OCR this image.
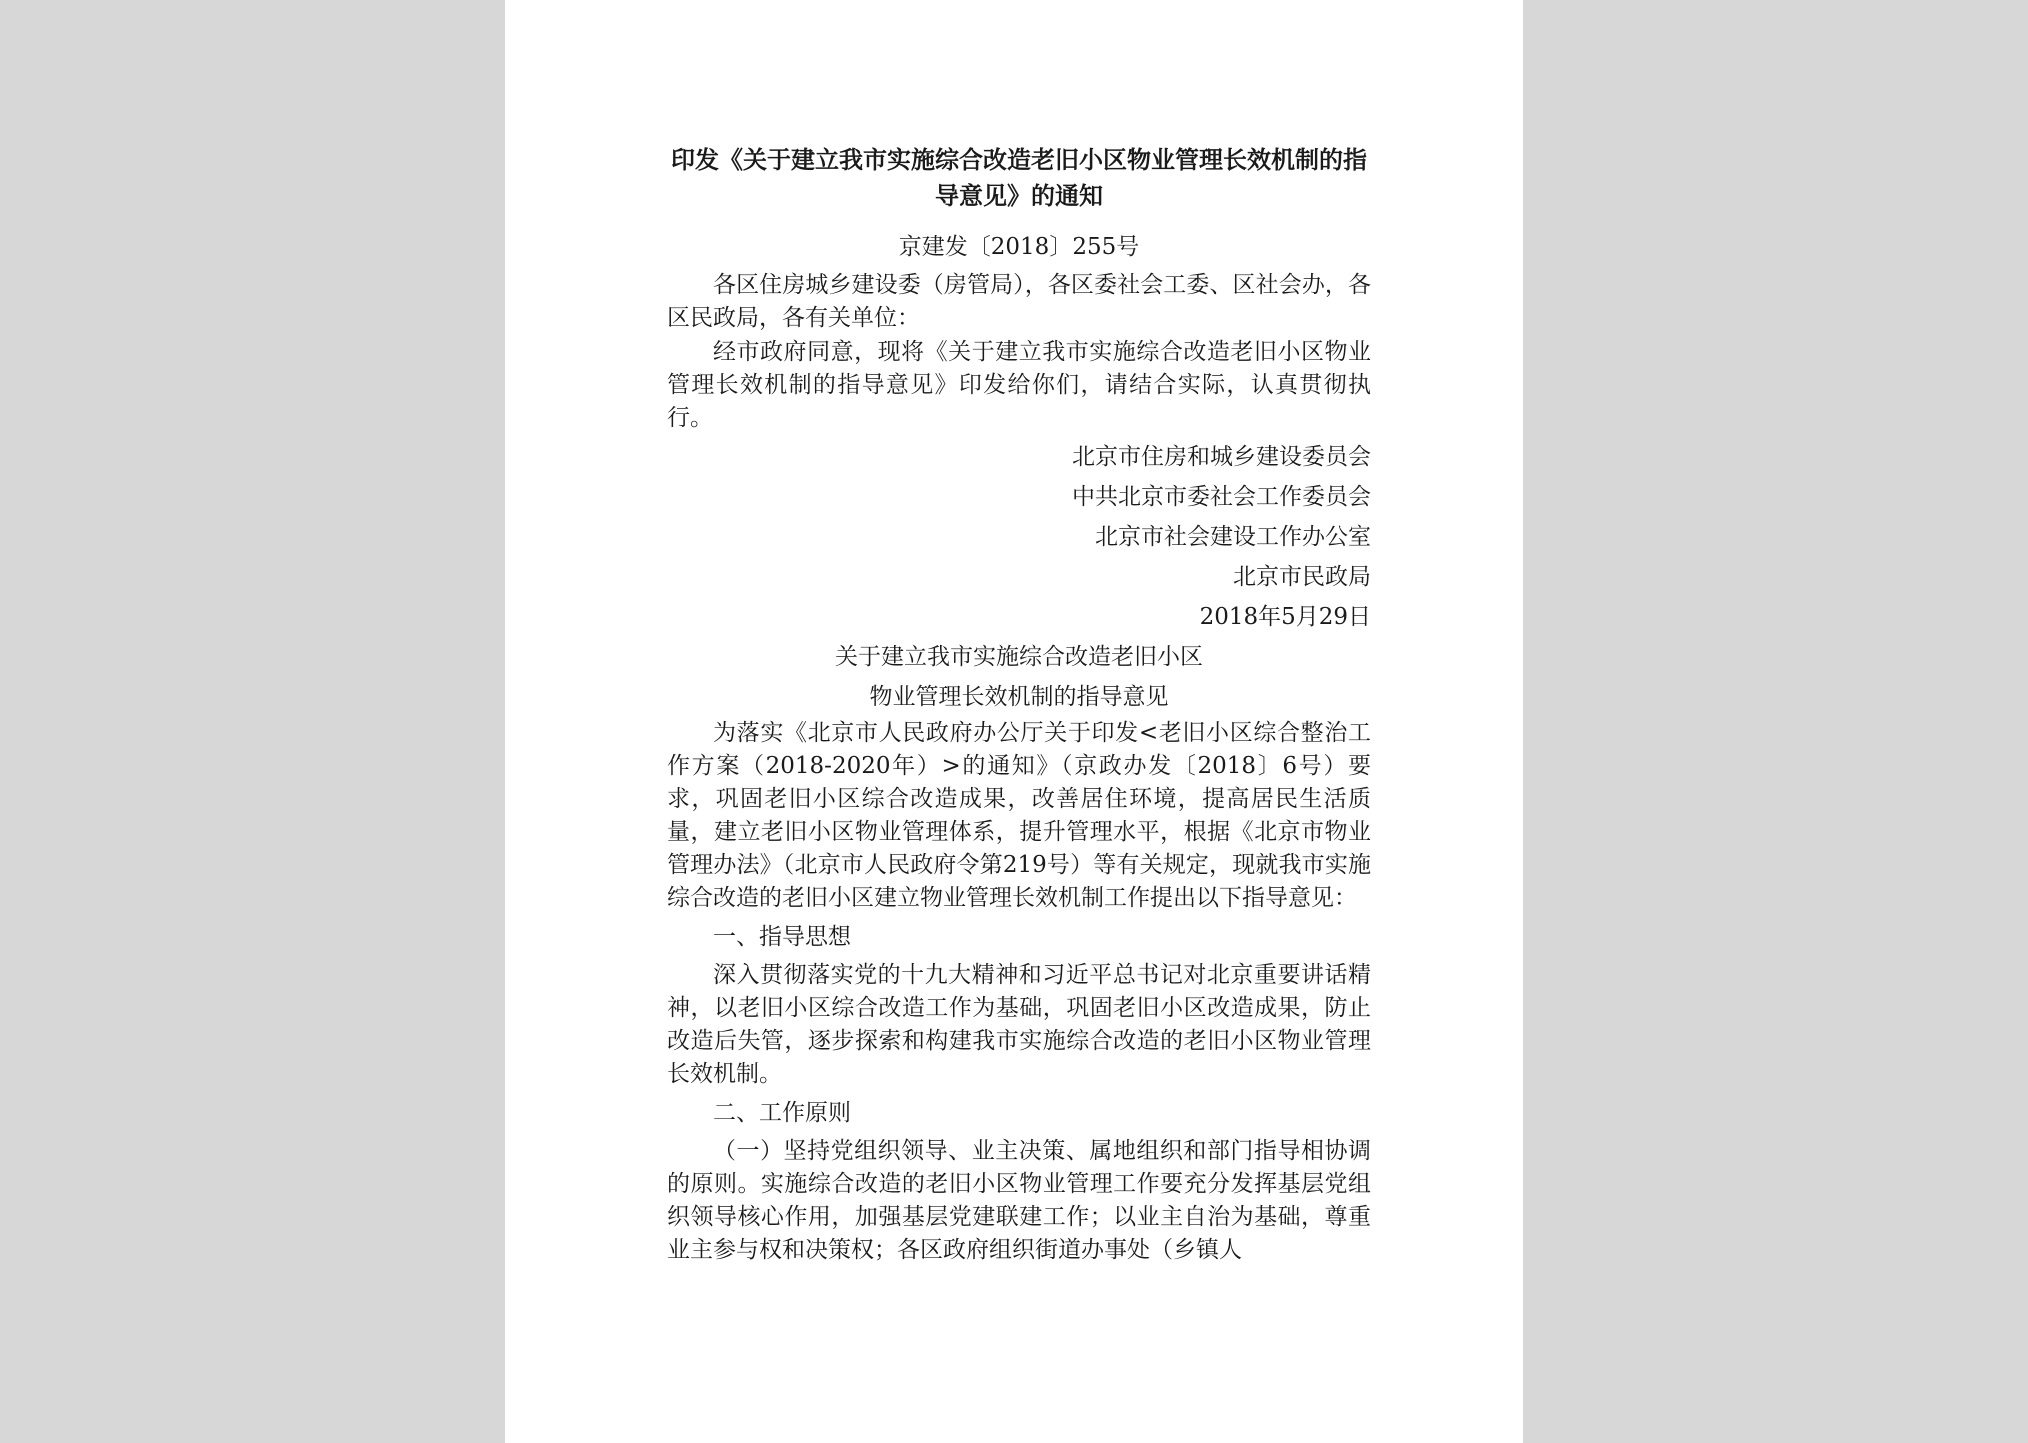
印发《关于建立我市实施综合改造老旧小区物业管理长效机制的指导意见》的通知

京建发〔2018〕255号

各区住房城乡建设委（房管局），各区委社会工委、区社会办，各区民政局，各有关单位：

经市政府同意，现将《关于建立我市实施综合改造老旧小区物业管理长效机制的指导意见》印发给你们，请结合实际，认真贯彻执行。

北京市住房和城乡建设委员会

中共北京市委社会工作委员会

北京市社会建设工作办公室

北京市民政局

2018年5月29日

关于建立我市实施综合改造老旧小区

物业管理长效机制的指导意见

为落实《北京市人民政府办公厅关于印发<老旧小区综合整治工作方案（2018-2020年）>的通知》（京政办发〔2018〕6号）要求，巩固老旧小区综合改造成果，改善居住环境，提高居民生活质量，建立老旧小区物业管理体系，提升管理水平，根据《北京市物业管理办法》（北京市人民政府令第219号）等有关规定，现就我市实施综合改造的老旧小区建立物业管理长效机制工作提出以下指导意见：

一、指导思想

深入贯彻落实党的十九大精神和习近平总书记对北京重要讲话精神，以老旧小区综合改造工作为基础，巩固老旧小区改造成果，防止改造后失管，逐步探索和构建我市实施综合改造的老旧小区物业管理长效机制。

二、工作原则

（一）坚持党组织领导、业主决策、属地组织和部门指导相协调的原则。实施综合改造的老旧小区物业管理工作要充分发挥基层党组织领导核心作用，加强基层党建联建工作；以业主自治为基础，尊重业主参与权和决策权；各区政府组织街道办事处（乡镇人
